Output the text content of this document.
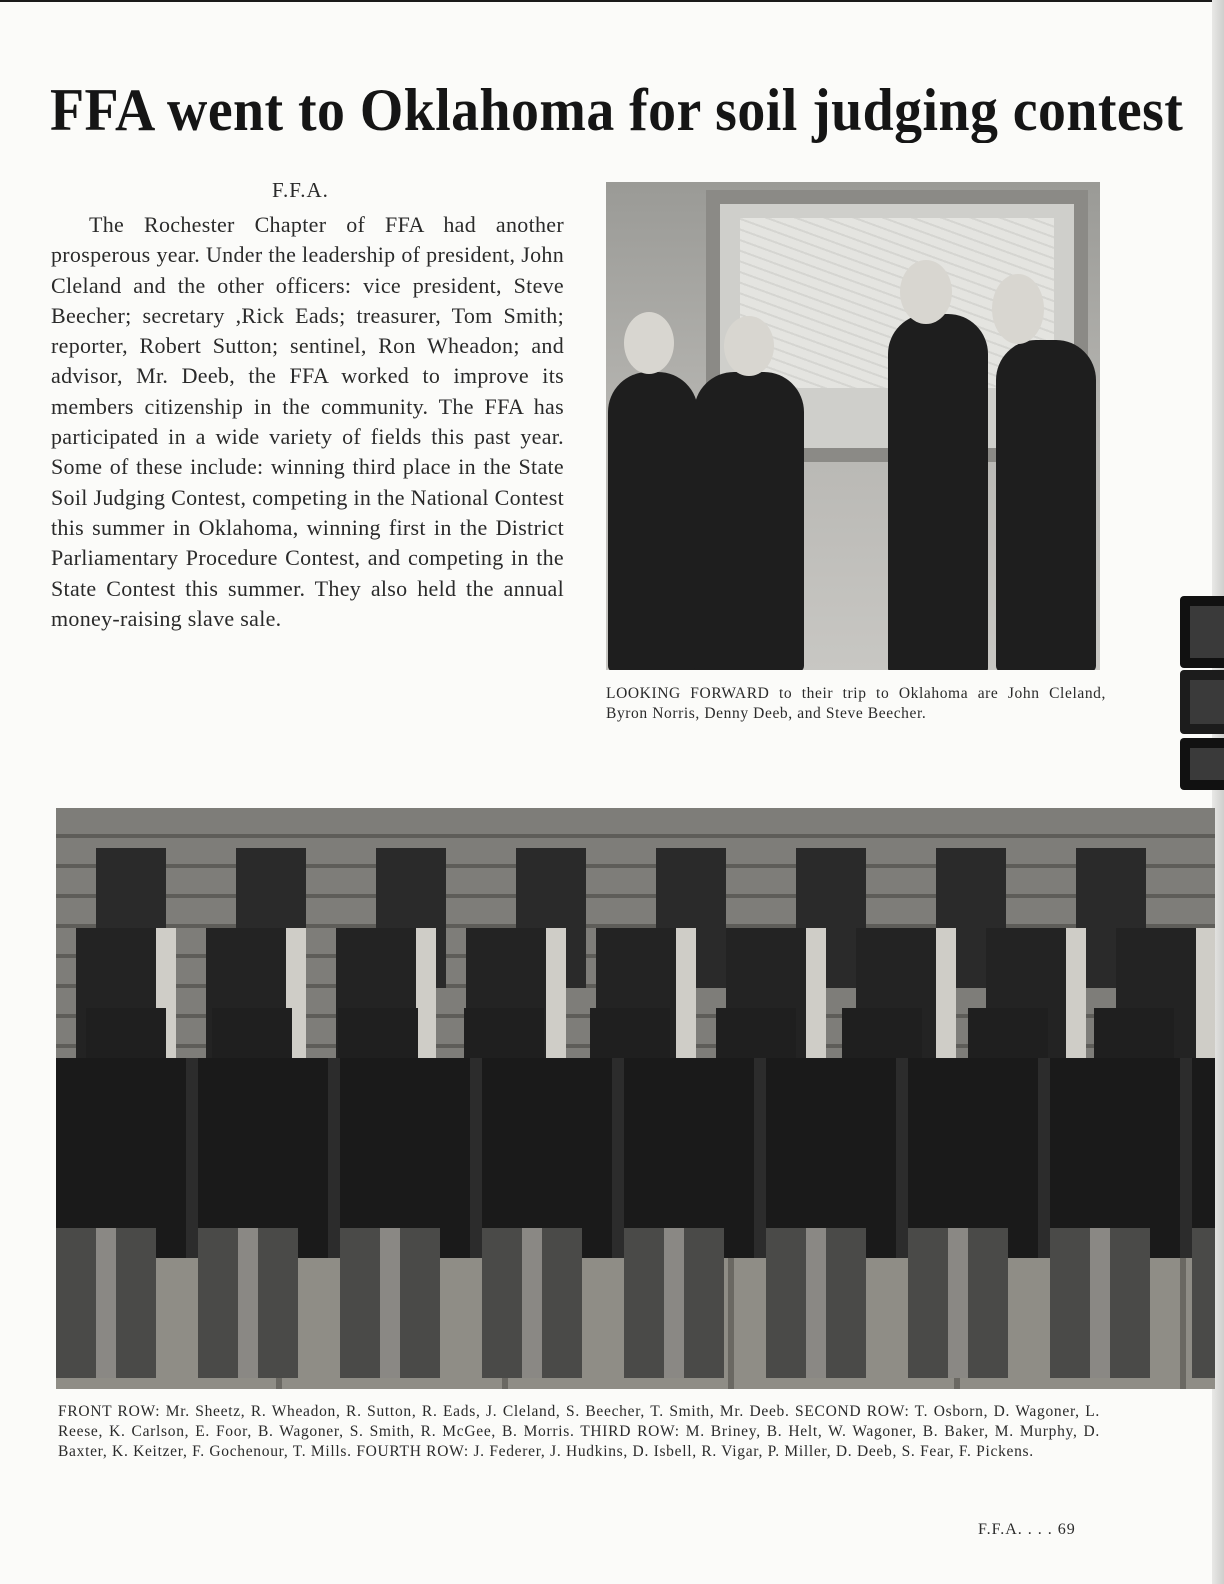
FFA went to Oklahoma for soil judging contest
F.F.A.

The Rochester Chapter of FFA had another prosperous year. Under the leadership of president, John Cleland and the other officers: vice president, Steve Beecher; secretary ,Rick Eads; treasurer, Tom Smith; reporter, Robert Sutton; sentinel, Ron Wheadon; and advisor, Mr. Deeb, the FFA worked to improve its members citizenship in the community. The FFA has participated in a wide variety of fields this past year. Some of these include: winning third place in the State Soil Judging Contest, competing in the National Contest this summer in Oklahoma, winning first in the District Parliamentary Procedure Contest, and competing in the State Contest this summer. They also held the annual money-raising slave sale.

LOOKING FORWARD to their trip to Oklahoma are John Cleland, Byron Norris, Denny Deeb, and Steve Beecher.

FRONT ROW: Mr. Sheetz, R. Wheadon, R. Sutton, R. Eads, J. Cleland, S. Beecher, T. Smith, Mr. Deeb. SECOND ROW: T. Osborn, D. Wagoner, L. Reese, K. Carlson, E. Foor, B. Wagoner, S. Smith, R. McGee, B. Morris. THIRD ROW: M. Briney, B. Helt, W. Wagoner, B. Baker, M. Murphy, D. Baxter, K. Keitzer, F. Gochenour, T. Mills. FOURTH ROW: J. Federer, J. Hudkins, D. Isbell, R. Vigar, P. Miller, D. Deeb, S. Fear, F. Pickens.

F.F.A. . . . 69
